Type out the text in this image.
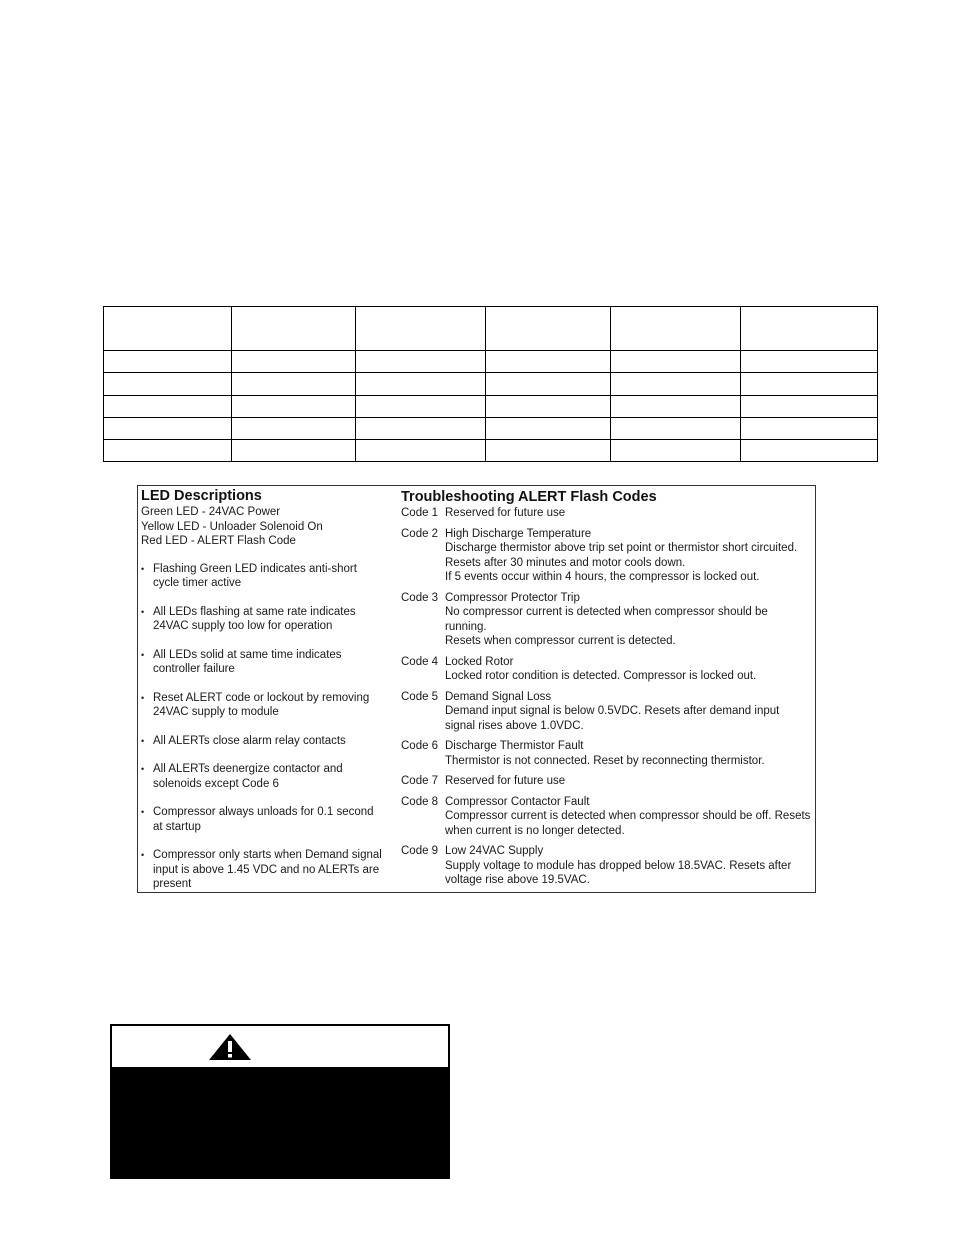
LED Descriptions
Green LED - 24VAC Power
Yellow LED - Unloader Solenoid On
Red LED - ALERT Flash Code
• Flashing Green LED indicates anti-short cycle timer active
• All LEDs flashing at same rate indicates 24VAC supply too low for operation
• All LEDs solid at same time indicates controller failure
• Reset ALERT code or lockout by removing 24VAC supply to module
• All ALERTs close alarm relay contacts
• All ALERTs deenergize contactor and solenoids except Code 6
• Compressor always unloads for 0.1 second at startup
• Compressor only starts when Demand signal input is above 1.45 VDC and no ALERTs are present
Troubleshooting ALERT Flash Codes
Code 1 Reserved for future use
Code 2 High Discharge Temperature
Discharge thermistor above trip set point or thermistor short circuited.
Resets after 30 minutes and motor cools down.
If 5 events occur within 4 hours, the compressor is locked out.
Code 3 Compressor Protector Trip
No compressor current is detected when compressor should be running.
Resets when compressor current is detected.
Code 4 Locked Rotor
Locked rotor condition is detected. Compressor is locked out.
Code 5 Demand Signal Loss
Demand input signal is below 0.5VDC. Resets after demand input signal rises above 1.0VDC.
Code 6 Discharge Thermistor Fault
Thermistor is not connected. Reset by reconnecting thermistor.
Code 7 Reserved for future use
Code 8 Compressor Contactor Fault
Compressor current is detected when compressor should be off. Resets when current is no longer detected.
Code 9 Low 24VAC Supply
Supply voltage to module has dropped below 18.5VAC. Resets after voltage rise above 19.5VAC.
